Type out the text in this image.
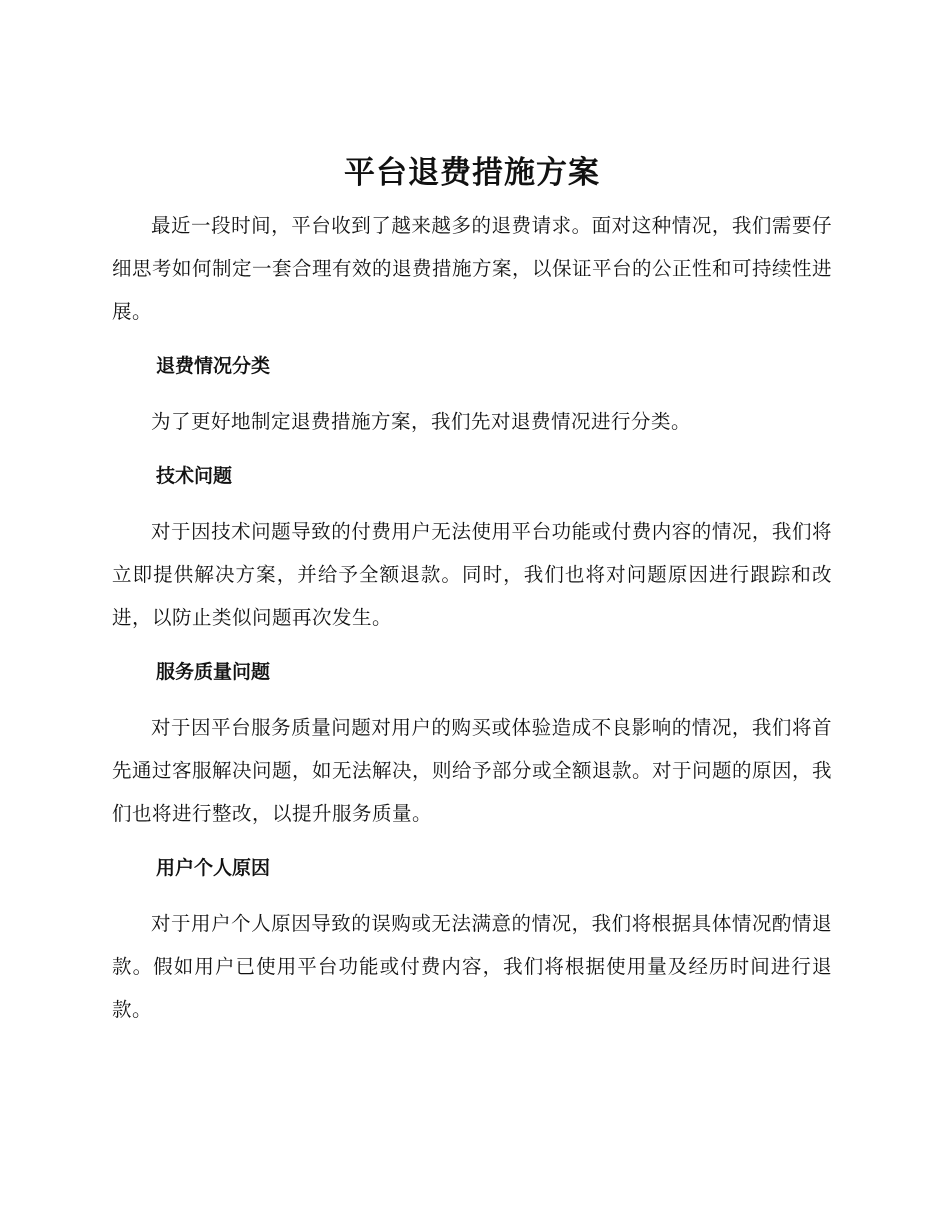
平台退费措施方案

最近一段时间，平台收到了越来越多的退费请求。面对这种情况，我们需要仔细思考如何制定一套合理有效的退费措施方案，以保证平台的公正性和可持续性进展。

退费情况分类

为了更好地制定退费措施方案，我们先对退费情况进行分类。

技术问题

对于因技术问题导致的付费用户无法使用平台功能或付费内容的情况，我们将立即提供解决方案，并给予全额退款。同时，我们也将对问题原因进行跟踪和改进，以防止类似问题再次发生。

服务质量问题

对于因平台服务质量问题对用户的购买或体验造成不良影响的情况，我们将首先通过客服解决问题，如无法解决，则给予部分或全额退款。对于问题的原因，我们也将进行整改，以提升服务质量。

用户个人原因

对于用户个人原因导致的误购或无法满意的情况，我们将根据具体情况酌情退款。假如用户已使用平台功能或付费内容，我们将根据使用量及经历时间进行退款。
